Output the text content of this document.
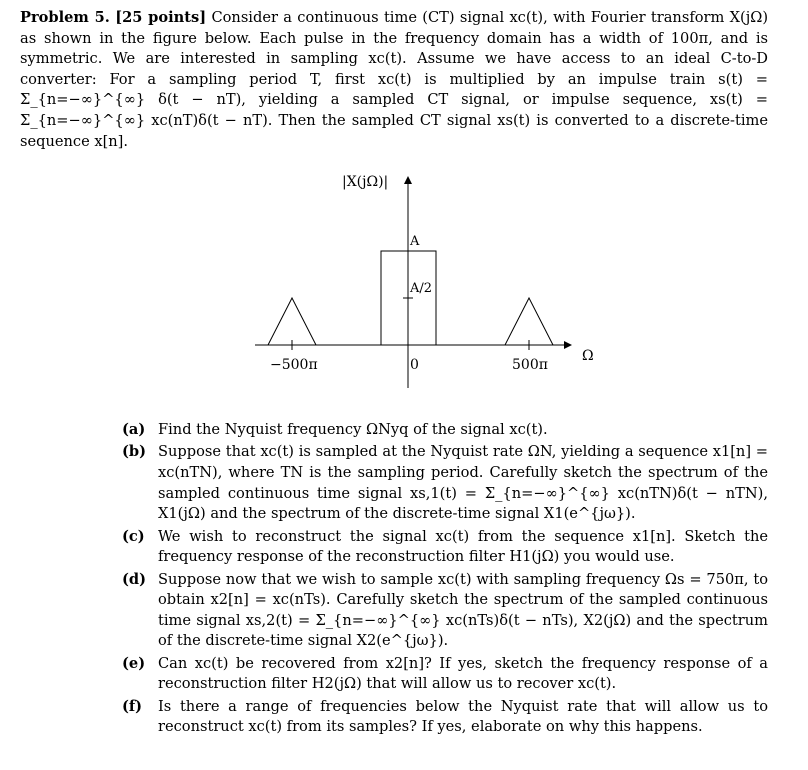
Problem 5. [25 points] Consider a continuous time (CT) signal xc(t), with Fourier transform X(jΩ) as shown in the figure below. Each pulse in the frequency domain has a width of 100π, and is symmetric. We are interested in sampling xc(t). Assume we have access to an ideal C-to-D converter: For a sampling period T, first xc(t) is multiplied by an impulse train s(t) = Σ_{n=−∞}^{∞} δ(t − nT), yielding a sampled CT signal, or impulse sequence, xs(t) = Σ_{n=−∞}^{∞} xc(nT)δ(t − nT). Then the sampled CT signal xs(t) is converted to a discrete-time sequence x[n].
|X(jΩ)|
A
A/2
−500π	0	500π
Ω
(a) Find the Nyquist frequency ΩNyq of the signal xc(t).
(b) Suppose that xc(t) is sampled at the Nyquist rate ΩN, yielding a sequence x1[n] = xc(nTN), where TN is the sampling period. Carefully sketch the spectrum of the sampled continuous time signal xs,1(t) = Σ_{n=−∞}^{∞} xc(nTN)δ(t − nTN), X1(jΩ) and the spectrum of the discrete-time signal X1(e^{jω}).
(c) We wish to reconstruct the signal xc(t) from the sequence x1[n]. Sketch the frequency response of the reconstruction filter H1(jΩ) you would use.
(d) Suppose now that we wish to sample xc(t) with sampling frequency Ωs = 750π, to obtain x2[n] = xc(nTs). Carefully sketch the spectrum of the sampled continuous time signal xs,2(t) = Σ_{n=−∞}^{∞} xc(nTs)δ(t − nTs), X2(jΩ) and the spectrum of the discrete-time signal X2(e^{jω}).
(e) Can xc(t) be recovered from x2[n]? If yes, sketch the frequency response of a reconstruction filter H2(jΩ) that will allow us to recover xc(t).
(f) Is there a range of frequencies below the Nyquist rate that will allow us to reconstruct xc(t) from its samples? If yes, elaborate on why this happens.
